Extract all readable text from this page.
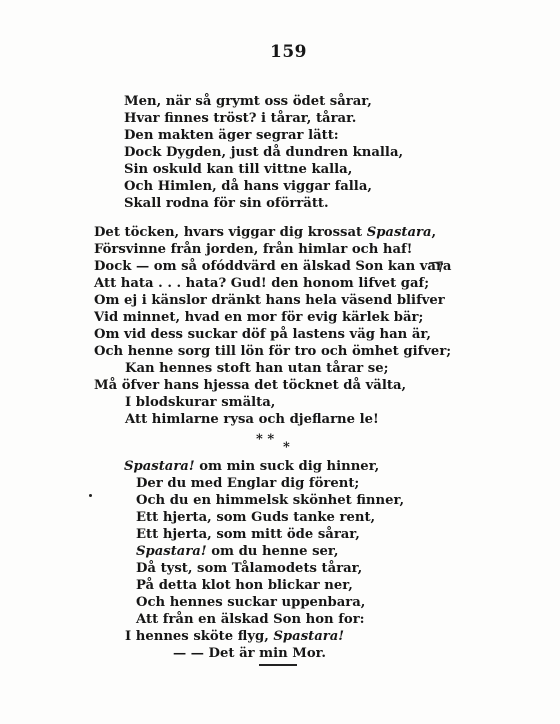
159
Men, när så grymt oss ödet sårar,
Hvar finnes tröst? i tårar, tårar.
Den makten äger segrar lätt:
Dock Dygden, just då dundren knalla,
Sin oskuld kan till vittne kalla,
Och Himlen, då hans viggar falla,
Skall rodna för sin oförrätt.
Det töcken, hvars viggar dig krossat Spastara,
Försvinne från jorden, från himlar och haf!
Dock — om så ofóddvärd en älskad Son kan vara
Att hata . . . hata? Gud! den honom lifvet gaf;
Om ej i känslor dränkt hans hela väsend blifver
Vid minnet, hvad en mor för evig kärlek bär;
Om vid dess suckar döf på lastens väg han är,
Och henne sorg till lön för tro och ömhet gifver;
Kan hennes stoft han utan tårar se;
Må öfver hans hjessa det töcknet då välta,
I blodskurar smälta,
Att himlarne rysa och djeflarne le!
* *
*
Spastara! om min suck dig hinner,
Der du med Englar dig förent;
Och du en himmelsk skönhet finner,
Ett hjerta, som Guds tanke rent,
Ett hjerta, som mitt öde sårar,
Spastara! om du henne ser,
Då tyst, som Tålamodets tårar,
På detta klot hon blickar ner,
Och hennes suckar uppenbara,
Att från en älskad Son hon for:
I hennes sköte flyg, Spastara!
— — Det är min Mor.
